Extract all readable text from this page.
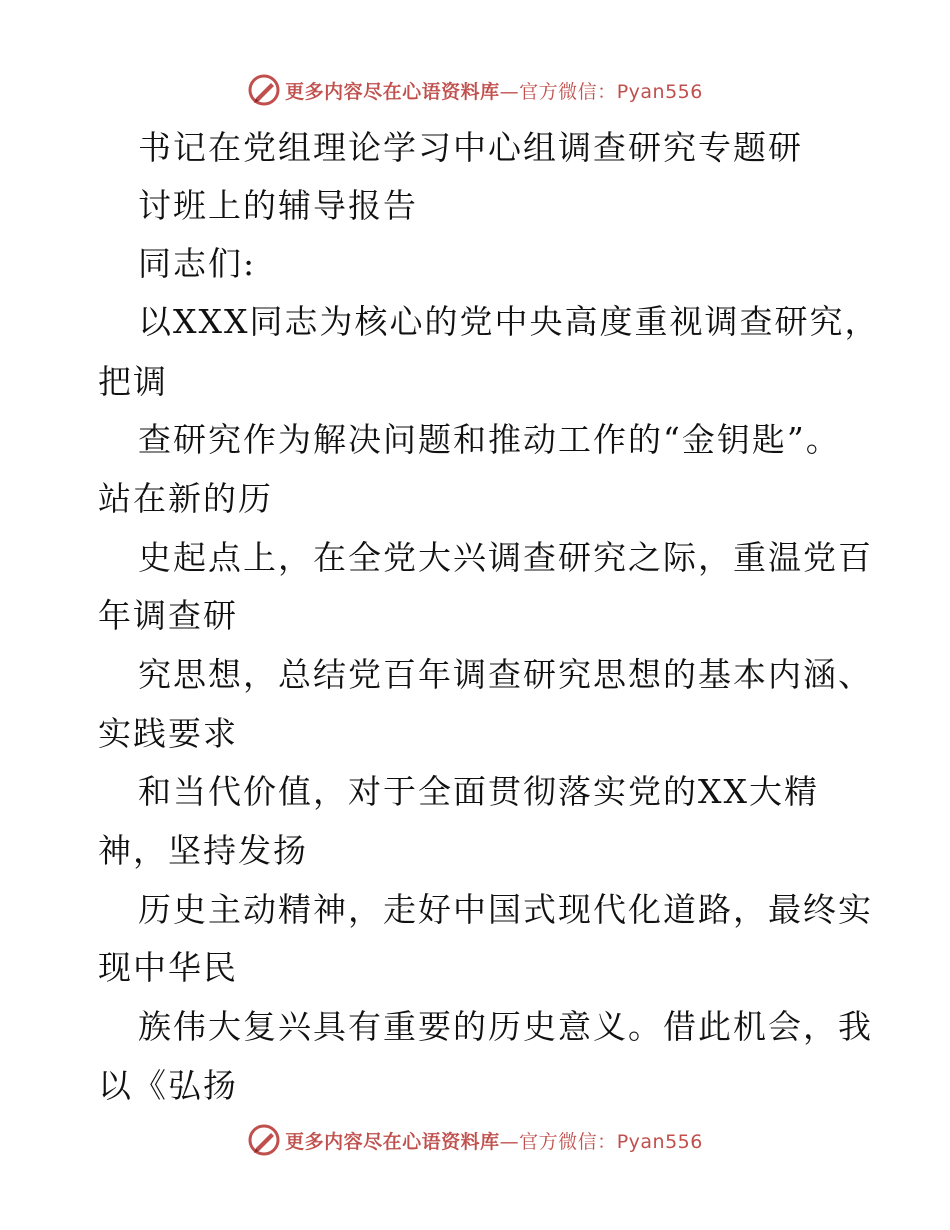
更多内容尽在心语资料库—官方微信：Pyan556
书记在党组理论学习中心组调查研究专题研
讨班上的辅导报告
同志们:
以XXX同志为核心的党中央高度重视调查研究，
把调
查研究作为解决问题和推动工作的“金钥匙”。
站在新的历
史起点上，在全党大兴调查研究之际，重温党百
年调查研
究思想，总结党百年调查研究思想的基本内涵、
实践要求
和当代价值，对于全面贯彻落实党的XX大精
神，坚持发扬
历史主动精神，走好中国式现代化道路，最终实
现中华民
族伟大复兴具有重要的历史意义。借此机会，我
以《弘扬
更多内容尽在心语资料库—官方微信：Pyan556
